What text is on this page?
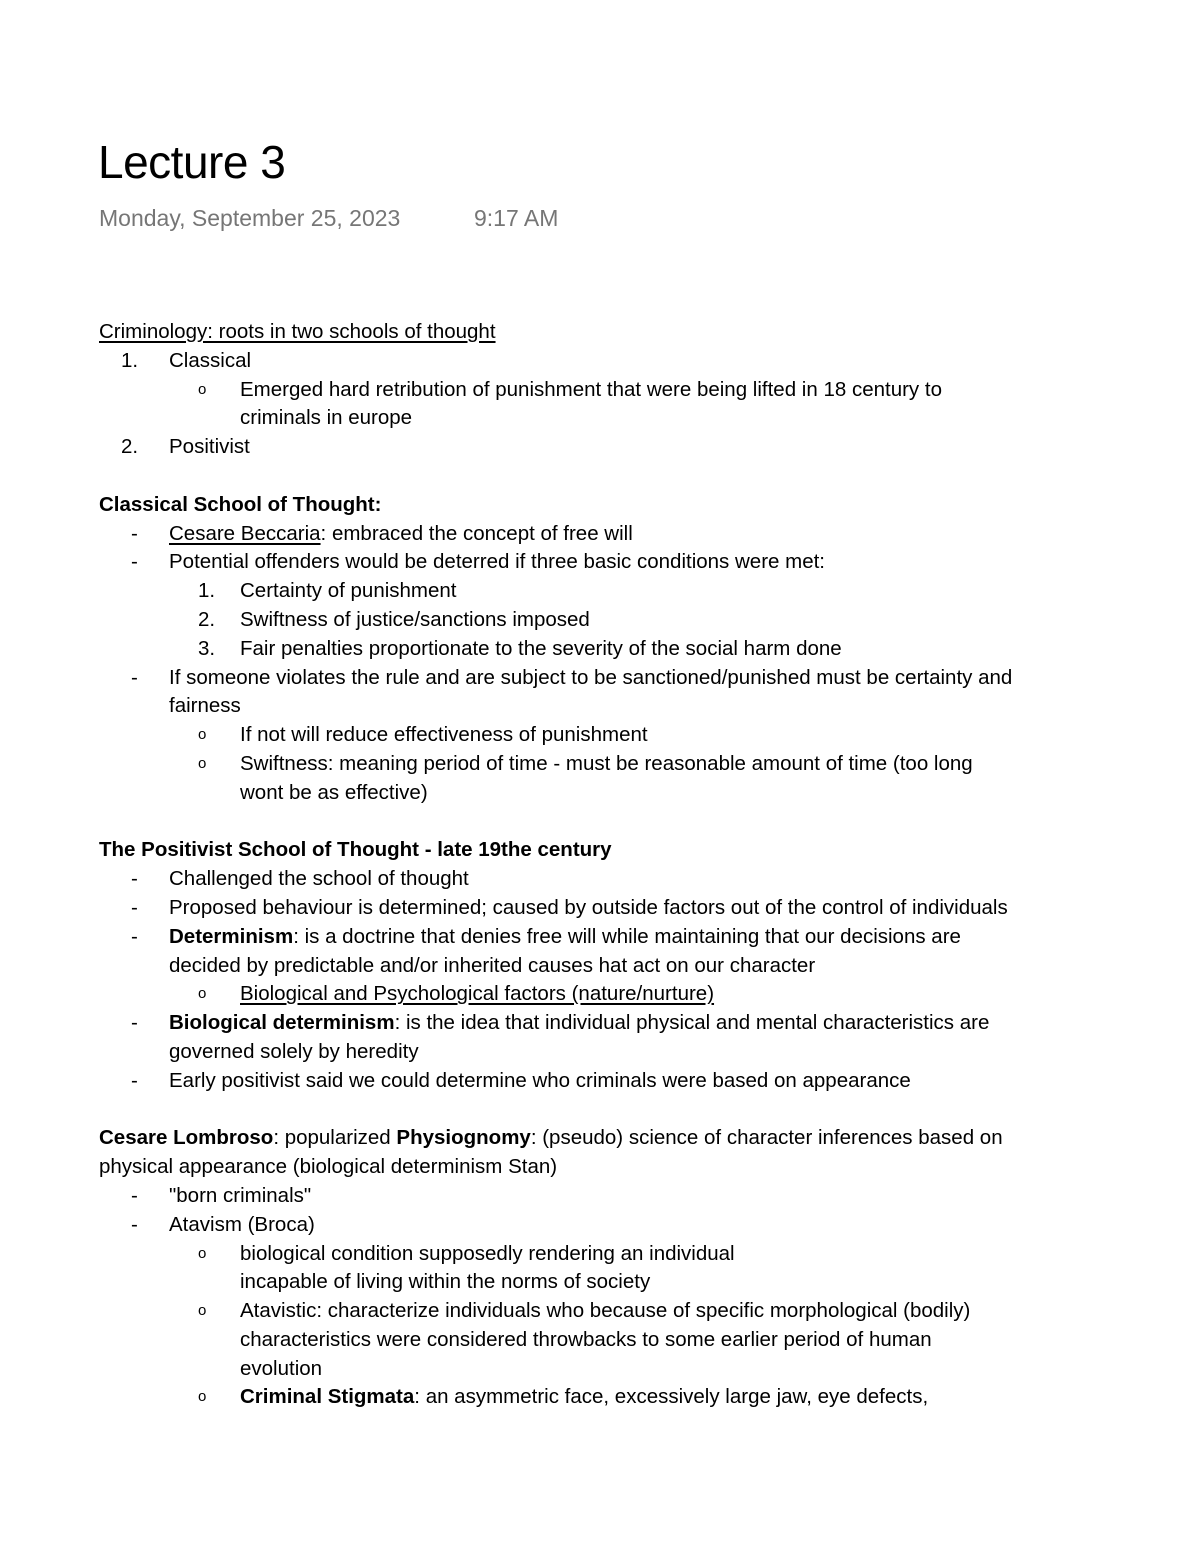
Lecture 3
Monday, September 25, 2023	9:17 AM
Criminology: roots in two schools of thought
1.	Classical
o	Emerged hard retribution of punishment that were being lifted in 18 century to criminals in europe
2.	Positivist
Classical School of Thought:
-	Cesare Beccaria: embraced the concept of free will
-	Potential offenders would be deterred if three basic conditions were met:
1.	Certainty of punishment
2.	Swiftness of justice/sanctions imposed
3.	Fair penalties proportionate to the severity of the social harm done
-	If someone violates the rule and are subject to be sanctioned/punished must be certainty and fairness
o	If not will reduce effectiveness of punishment
o	Swiftness: meaning period of time - must be reasonable amount of time (too long wont be as effective)
The Positivist School of Thought - late 19the century
-	Challenged the school of thought
-	Proposed behaviour is determined; caused by outside factors out of the control of individuals
-	Determinism: is a doctrine that denies free will while maintaining that our decisions are decided by predictable and/or inherited causes hat act on our character
o	Biological and Psychological factors (nature/nurture)
-	Biological determinism: is the idea that individual physical and mental characteristics are governed solely by heredity
-	Early positivist said we could determine who criminals were based on appearance
Cesare Lombroso: popularized Physiognomy: (pseudo) science of character inferences based on physical appearance (biological determinism Stan)
-	"born criminals"
-	Atavism (Broca)
o	biological condition supposedly rendering an individual
incapable of living within the norms of society
o	Atavistic: characterize individuals who because of specific morphological (bodily) characteristics were considered throwbacks to some earlier period of human evolution
o	Criminal Stigmata: an asymmetric face, excessively large jaw, eye defects,
